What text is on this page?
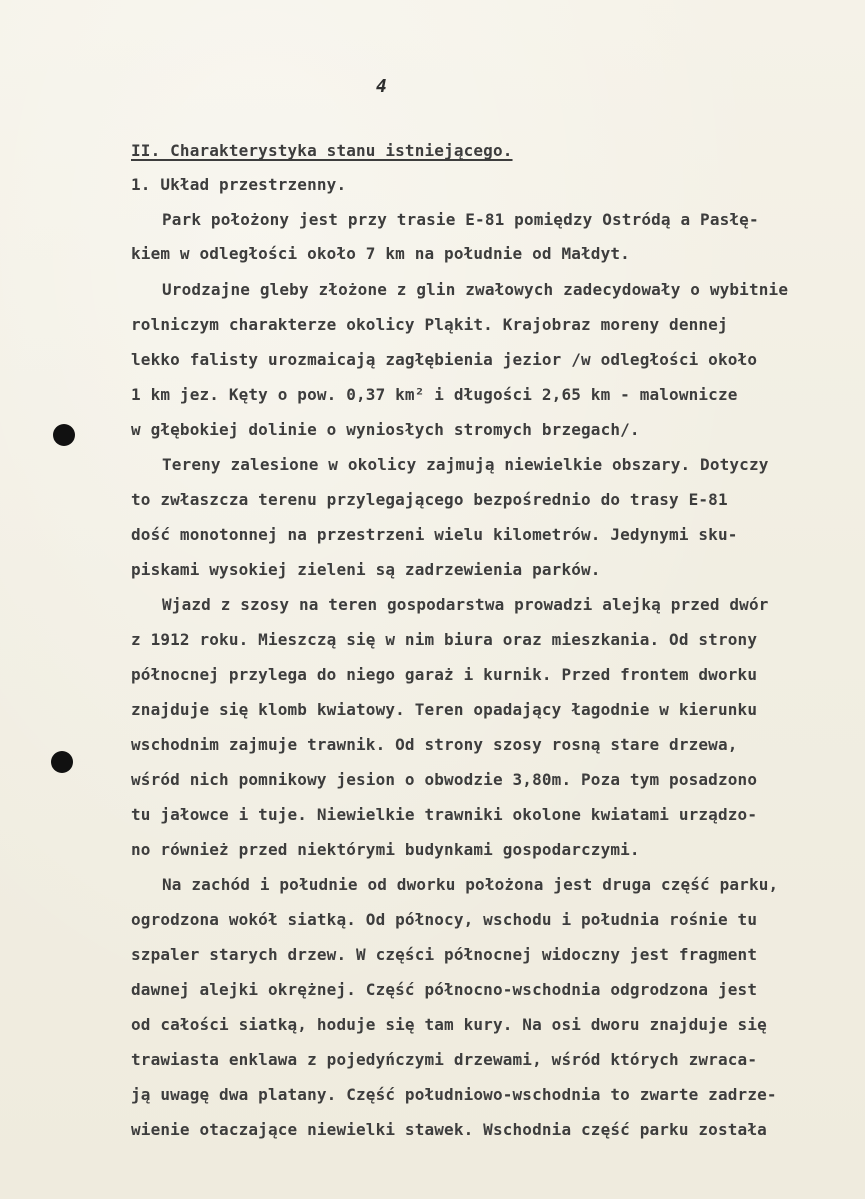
4
II. Charakterystyka stanu istniejącego.
1. Układ przestrzenny.
Park położony jest przy trasie E-81 pomiędzy Ostródą a Pasłę-
kiem w odległości około 7 km na południe od Małdyt.
Urodzajne gleby złożone z glin zwałowych zadecydowały o wybitnie
rolniczym charakterze okolicy Pląkit. Krajobraz moreny dennej
lekko falisty urozmaicają zagłębienia jezior /w odległości około
1 km jez. Kęty o pow. 0,37 km² i długości 2,65 km - malownicze
w głębokiej dolinie o wyniosłych stromych brzegach/.
Tereny zalesione w okolicy zajmują niewielkie obszary. Dotyczy
to zwłaszcza terenu przylegającego bezpośrednio do trasy E-81
dość monotonnej na przestrzeni wielu kilometrów. Jedynymi sku-
piskami wysokiej zieleni są zadrzewienia parków.
Wjazd z szosy na teren gospodarstwa prowadzi alejką przed dwór
z 1912 roku. Mieszczą się w nim biura oraz mieszkania. Od strony
północnej przylega do niego garaż i kurnik. Przed frontem dworku
znajduje się klomb kwiatowy. Teren opadający łagodnie w kierunku
wschodnim zajmuje trawnik. Od strony szosy rosną stare drzewa,
wśród nich pomnikowy jesion o obwodzie 3,80m. Poza tym posadzono
tu jałowce i tuje. Niewielkie trawniki okolone kwiatami urządzo-
no również przed niektórymi budynkami gospodarczymi.
Na zachód i południe od dworku położona jest druga część parku,
ogrodzona wokół siatką. Od północy, wschodu i południa rośnie tu
szpaler starych drzew. W części północnej widoczny jest fragment
dawnej alejki okrężnej. Część północno-wschodnia odgrodzona jest
od całości siatką, hoduje się tam kury. Na osi dworu znajduje się
trawiasta enklawa z pojedyńczymi drzewami, wśród których zwraca-
ją uwagę dwa platany. Część południowo-wschodnia to zwarte zadrze-
wienie otaczające niewielki stawek. Wschodnia część parku została
